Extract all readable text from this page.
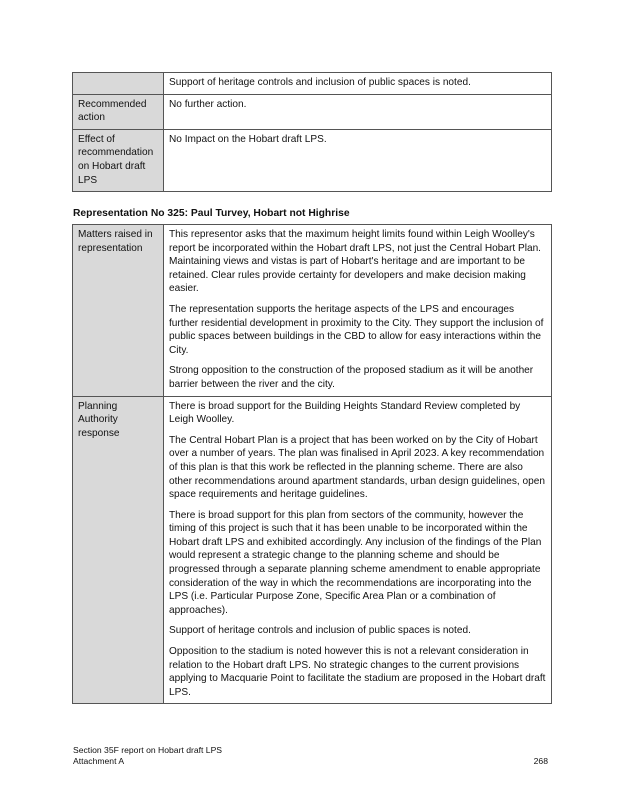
	Support of heritage controls and inclusion of public spaces is noted.

Recommended action	No further action.

Effect of recommendation on Hobart draft LPS	No Impact on the Hobart draft LPS.

Representation No 325: Paul Turvey, Hobart not Highrise

Matters raised in representation	This representor asks that the maximum height limits found within Leigh Woolley's report be incorporated within the Hobart draft LPS, not just the Central Hobart Plan. Maintaining views and vistas is part of Hobart's heritage and are important to be retained. Clear rules provide certainty for developers and make decision making easier.

The representation supports the heritage aspects of the LPS and encourages further residential development in proximity to the City. They support the inclusion of public spaces between buildings in the CBD to allow for easy interactions within the City.

Strong opposition to the construction of the proposed stadium as it will be another barrier between the river and the city.

Planning Authority response	There is broad support for the Building Heights Standard Review completed by Leigh Woolley.

The Central Hobart Plan is a project that has been worked on by the City of Hobart over a number of years. The plan was finalised in April 2023. A key recommendation of this plan is that this work be reflected in the planning scheme. There are also other recommendations around apartment standards, urban design guidelines, open space requirements and heritage guidelines.

There is broad support for this plan from sectors of the community, however the timing of this project is such that it has been unable to be incorporated within the Hobart draft LPS and exhibited accordingly. Any inclusion of the findings of the Plan would represent a strategic change to the planning scheme and should be progressed through a separate planning scheme amendment to enable appropriate consideration of the way in which the recommendations are incorporating into the LPS (i.e. Particular Purpose Zone, Specific Area Plan or a combination of approaches).

Support of heritage controls and inclusion of public spaces is noted.

Opposition to the stadium is noted however this is not a relevant consideration in relation to the Hobart draft LPS. No strategic changes to the current provisions applying to Macquarie Point to facilitate the stadium are proposed in the Hobart draft LPS.

Section 35F report on Hobart draft LPS
Attachment A	268
